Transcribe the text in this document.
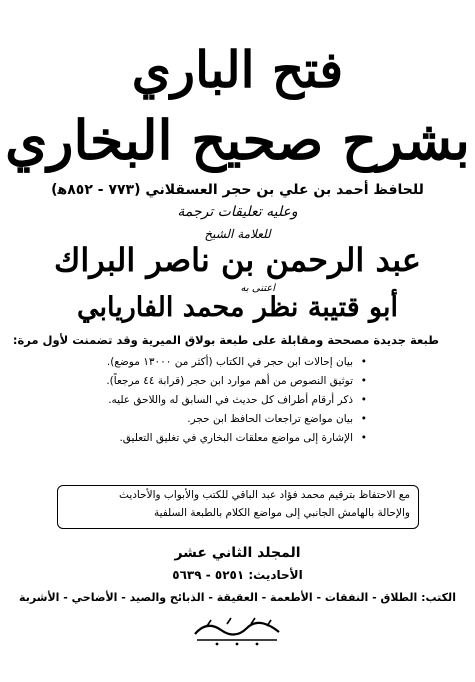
فتح الباري
بشرح صحيح البخاري
للحافظ أحمد بن علي بن حجر العسقلاني (٧٧٣ - ٨٥٢ﻫ)
وعليه تعليقات ترجمة
للعلامة الشيخ
عبد الرحمن بن ناصر البراك
اعتنى به
أبو قتيبة نظر محمد الفاريابي
طبعة جديدة مصححة ومقابلة على طبعة بولاق الميرية وقد تضمنت لأول مرة:
• بيان إحالات ابن حجر في الكتاب (أكثر من ١٣٠٠٠ موضع).
• توثيق النصوص من أهم موارد ابن حجر (قرابة ٤٤ مرجعاً).
• ذكر أرقام أطراف كل حديث في السابق له واللاحق عليه.
• بيان مواضع تراجعات الحافظ ابن حجر.
• الإشارة إلى مواضع معلقات البخاري في تغليق التعليق.
مع الاحتفاظ بترقيم محمد فؤاد عبد الباقي للكتب والأبواب والأحاديث
والإحالة بالهامش الجانبي إلى مواضع الكلام بالطبعة السلفية
المجلد الثاني عشر
الأحاديث: ٥٢٥١ - ٥٦٣٩
الكتب: الطلاق - النفقات - الأطعمة - العقيقة - الذبائح والصيد - الأضاحي - الأشربة
